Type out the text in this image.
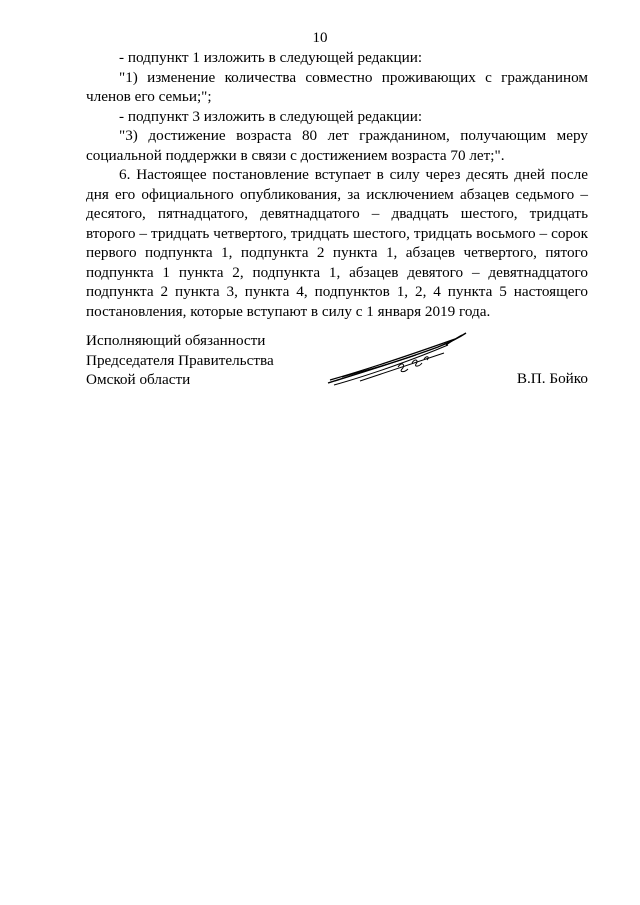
10

- подпункт 1 изложить в следующей редакции:

"1) изменение количества совместно проживающих с гражданином членов его семьи;";

- подпункт 3 изложить в следующей редакции:

"3) достижение возраста 80 лет гражданином, получающим меру социальной поддержки в связи с достижением возраста 70 лет;".

6. Настоящее постановление вступает в силу через десять дней после дня его официального опубликования, за исключением абзацев седьмого – десятого, пятнадцатого, девятнадцатого – двадцать шестого, тридцать второго – тридцать четвертого, тридцать шестого, тридцать восьмого – сорок первого подпункта 1, подпункта 2 пункта 1, абзацев четвертого, пятого подпункта 1 пункта 2, подпункта 1, абзацев девятого – девятнадцатого подпункта 2 пункта 3, пункта 4, подпунктов 1, 2, 4 пункта 5 настоящего постановления, которые вступают в силу с 1 января 2019 года.

Исполняющий обязанности
Председателя Правительства
Омской области	В.П. Бойко
